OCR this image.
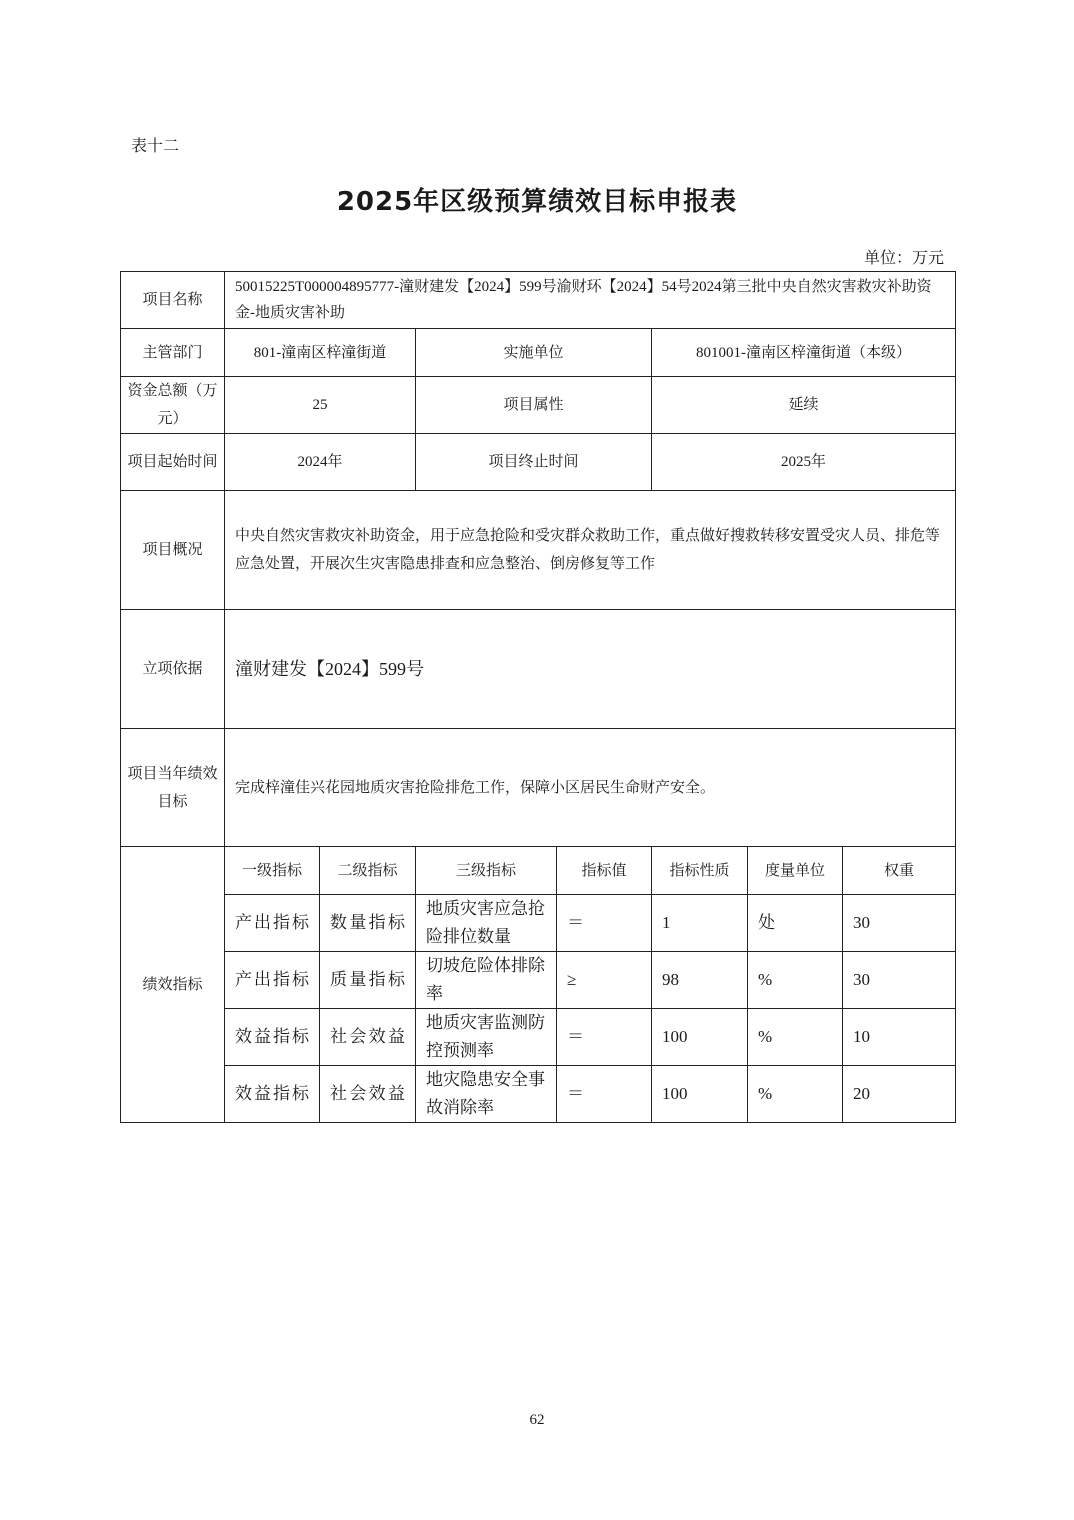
表十二
2025年区级预算绩效目标申报表
单位：万元
项目名称	50015225T000004895777-潼财建发【2024】599号渝财环【2024】54号2024第三批中央自然灾害救灾补助资金-地质灾害补助						
主管部门	801-潼南区梓潼街道		实施单位		801001-潼南区梓潼街道（本级）		
资金总额（万元）	25		项目属性		延续		
项目起始时间	2024年		项目终止时间		2025年		
项目概况	中央自然灾害救灾补助资金，用于应急抢险和受灾群众救助工作，重点做好搜救转移安置受灾人员、排危等应急处置，开展次生灾害隐患排查和应急整治、倒房修复等工作						
立项依据	潼财建发【2024】599号						
项目当年绩效目标	完成梓潼佳兴花园地质灾害抢险排危工作，保障小区居民生命财产安全。						
绩效指标	一级指标	二级指标	三级指标	指标值	指标性质	度量单位	权重
	产出指标	数量指标	地质灾害应急抢险排位数量	＝	1	处	30
	产出指标	质量指标	切坡危险体排除率	≥	98	%	30
	效益指标	社会效益	地质灾害监测防控预测率	＝	100	%	10
	效益指标	社会效益	地灾隐患安全事故消除率	＝	100	%	20
62
